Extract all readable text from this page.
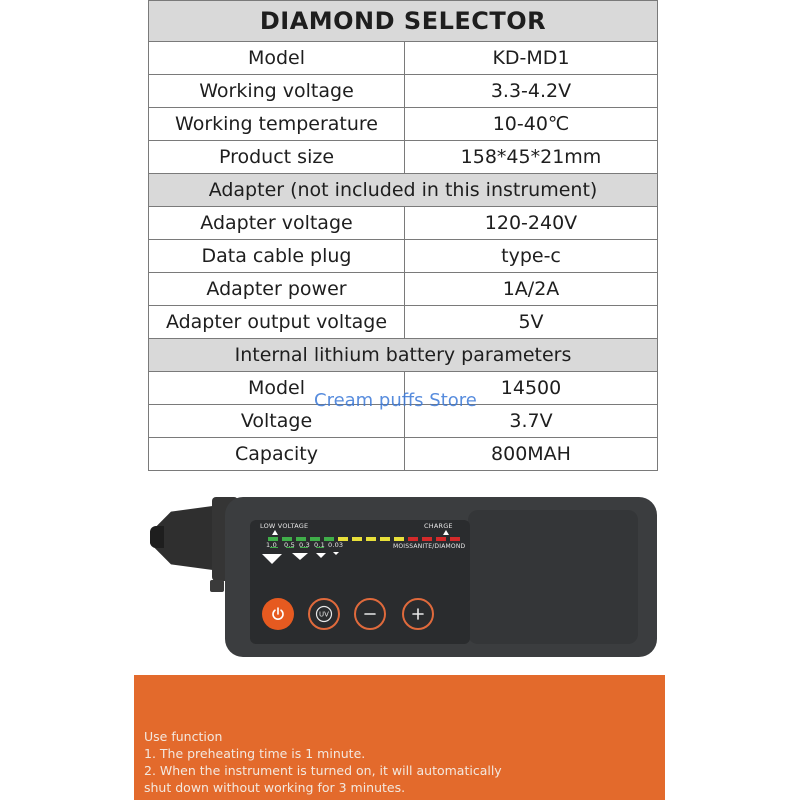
DIAMOND SELECTOR	
Model	KD-MD1
Working voltage	3.3-4.2V
Working temperature	10-40℃
Product size	158*45*21mm
Adapter (not included in this instrument)	
Adapter voltage	120-240V
Data cable plug	type-c
Adapter power	1A/2A
Adapter output voltage	5V
Internal lithium battery parameters	
Model	14500
Voltage	3.7V
Capacity	800MAH
Cream puffs Store
LOW VOLTAGE	CHARGE
1.0 0.5 0.3 0.1 0.03	MOISSANITE/DIAMOND
UV
Use function
1. The preheating time is 1 minute.
2. When the instrument is turned on, it will automatically
shut down without working for 3 minutes.
